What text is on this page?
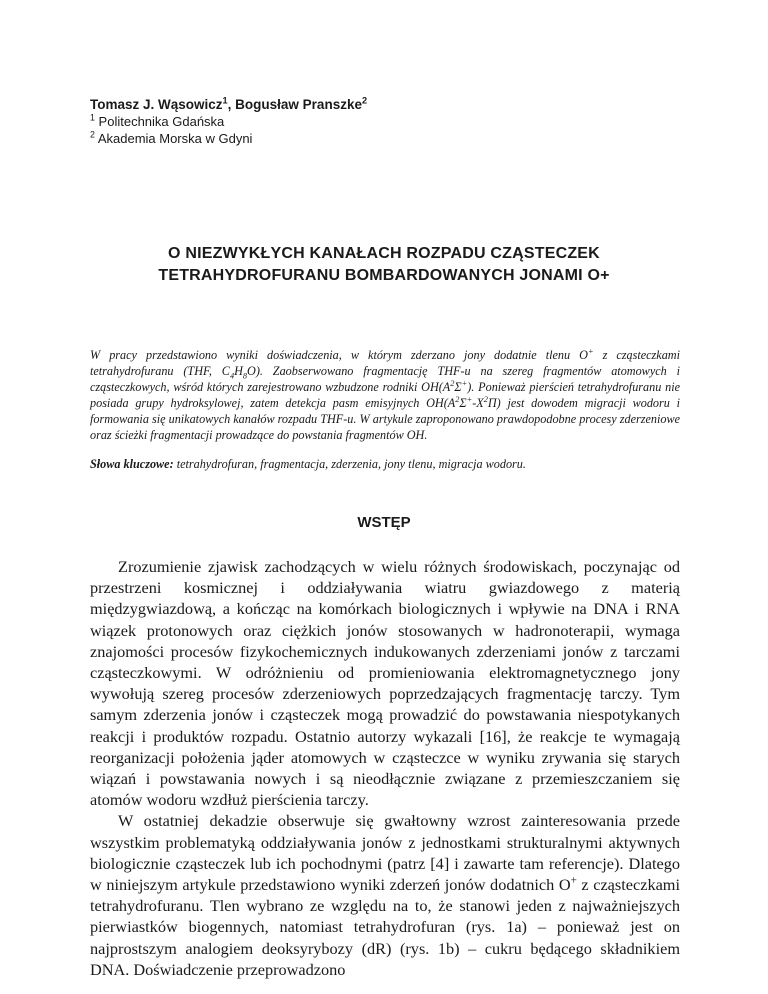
Tomasz J. Wąsowicz$^1$, Bogusław Pranszke$^2$
$^1$ Politechnika Gdańska
$^2$ Akademia Morska w Gdyni
O NIEZWYKŁYCH KANAŁACH ROZPADU CZĄSTECZEK
TETRAHYDROFURANU BOMBARDOWANYCH JONAMI O+

W pracy przedstawiono wyniki doświadczenia, w którym zderzano jony dodatnie tlenu O+ z cząsteczkami tetrahydrofuranu (THF, $C_4H_8O$). Zaobserwowano fragmentację THF-u na szereg fragmentów atomowych i cząsteczkowych, wśród których zarejestrowano wzbudzone rodniki $OH(A^2\Sigma^+)$. Ponieważ pierścień tetrahydrofuranu nie posiada grupy hydroksylowej, zatem detekcja pasm emisyjnych $OH(A^2\Sigma^+-X^2\Pi)$ jest dowodem migracji wodoru i formowania się unikatowych kanałów rozpadu THF-u. W artykule zaproponowano prawdopodobne procesy zderzeniowe oraz ścieżki fragmentacji prowadzące do powstania fragmentów OH.

Słowa kluczowe: tetrahydrofuran, fragmentacja, zderzenia, jony tlenu, migracja wodoru.

WSTĘP

Zrozumienie zjawisk zachodzących w wielu różnych środowiskach, poczynając od przestrzeni kosmicznej i oddziaływania wiatru gwiazdowego z materią międzygwiazdową, a kończąc na komórkach biologicznych i wpływie na DNA i RNA wiązek protonowych oraz ciężkich jonów stosowanych w hadronoterapii, wymaga znajomości procesów fizykochemicznych indukowanych zderzeniami jonów z tarczami cząsteczkowymi. W odróżnieniu od promieniowania elektromagnetycznego jony wywołują szereg procesów zderzeniowych poprzedzających fragmentację tarczy. Tym samym zderzenia jonów i cząsteczek mogą prowadzić do powstawania niespotykanych reakcji i produktów rozpadu. Ostatnio autorzy wykazali [16], że reakcje te wymagają reorganizacji położenia jąder atomowych w cząsteczce w wyniku zrywania się starych wiązań i powstawania nowych i są nieodłącznie związane z przemieszczaniem się atomów wodoru wzdłuż pierścienia tarczy.

W ostatniej dekadzie obserwuje się gwałtowny wzrost zainteresowania przede wszystkim problematyką oddziaływania jonów z jednostkami strukturalnymi aktywnych biologicznie cząsteczek lub ich pochodnymi (patrz [4] i zawarte tam referencje). Dlatego w niniejszym artykule przedstawiono wyniki zderzeń jonów dodatnich O+ z cząsteczkami tetrahydrofuranu. Tlen wybrano ze względu na to, że stanowi jeden z najważniejszych pierwiastków biogennych, natomiast tetrahydrofuran (rys. 1a) – ponieważ jest on najprostszym analogiem deoksyrybozy (dR) (rys. 1b) – cukru będącego składnikiem DNA. Doświadczenie przeprowadzono
